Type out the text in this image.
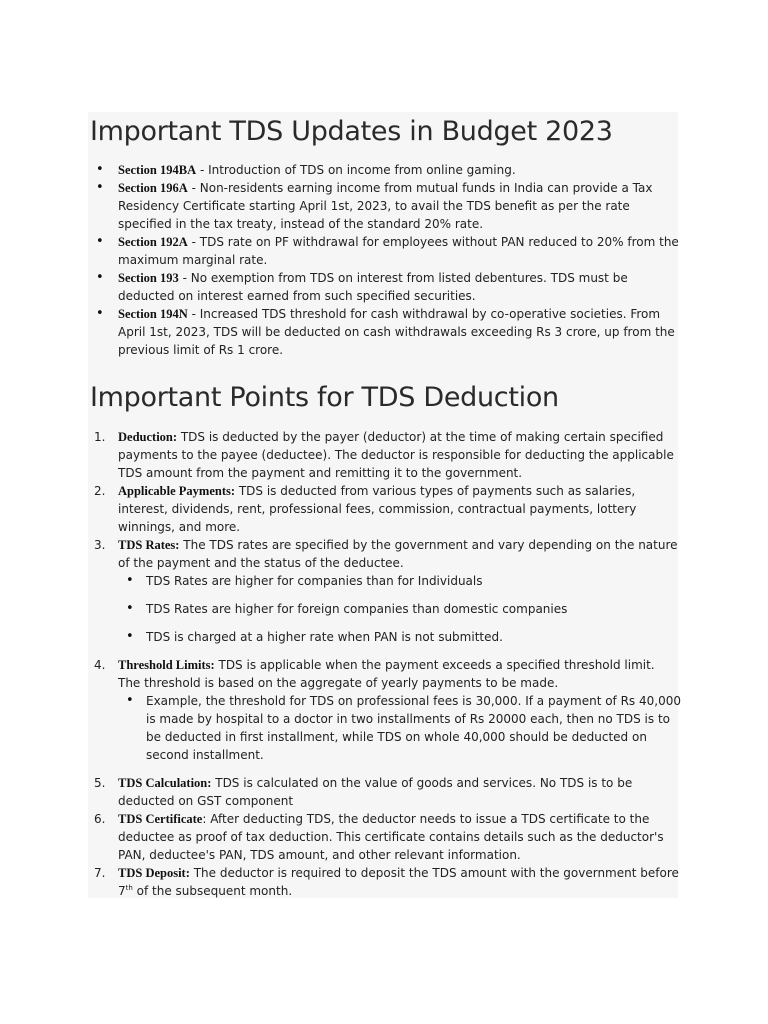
Important TDS Updates in Budget 2023
• Section 194BA - Introduction of TDS on income from online gaming.
• Section 196A - Non-residents earning income from mutual funds in India can provide a Tax Residency Certificate starting April 1st, 2023, to avail the TDS benefit as per the rate specified in the tax treaty, instead of the standard 20% rate.
• Section 192A - TDS rate on PF withdrawal for employees without PAN reduced to 20% from the maximum marginal rate.
• Section 193 - No exemption from TDS on interest from listed debentures. TDS must be deducted on interest earned from such specified securities.
• Section 194N - Increased TDS threshold for cash withdrawal by co-operative societies. From April 1st, 2023, TDS will be deducted on cash withdrawals exceeding Rs 3 crore, up from the previous limit of Rs 1 crore.
Important Points for TDS Deduction
1.	Deduction: TDS is deducted by the payer (deductor) at the time of making certain specified payments to the payee (deductee). The deductor is responsible for deducting the applicable TDS amount from the payment and remitting it to the government.
2.	Applicable Payments: TDS is deducted from various types of payments such as salaries, interest, dividends, rent, professional fees, commission, contractual payments, lottery winnings, and more.
3.	TDS Rates: The TDS rates are specified by the government and vary depending on the nature of the payment and the status of the deductee.
• TDS Rates are higher for companies than for Individuals
• TDS Rates are higher for foreign companies than domestic companies
• TDS is charged at a higher rate when PAN is not submitted.
4.	Threshold Limits: TDS is applicable when the payment exceeds a specified threshold limit. The threshold is based on the aggregate of yearly payments to be made.
• Example, the threshold for TDS on professional fees is 30,000. If a payment of Rs 40,000 is made by hospital to a doctor in two installments of Rs 20000 each, then no TDS is to be deducted in first installment, while TDS on whole 40,000 should be deducted on second installment.
5.	TDS Calculation: TDS is calculated on the value of goods and services. No TDS is to be deducted on GST component
6.	TDS Certificate: After deducting TDS, the deductor needs to issue a TDS certificate to the deductee as proof of tax deduction. This certificate contains details such as the deductor's PAN, deductee's PAN, TDS amount, and other relevant information.
7.	TDS Deposit: The deductor is required to deposit the TDS amount with the government before 7th of the subsequent month.
